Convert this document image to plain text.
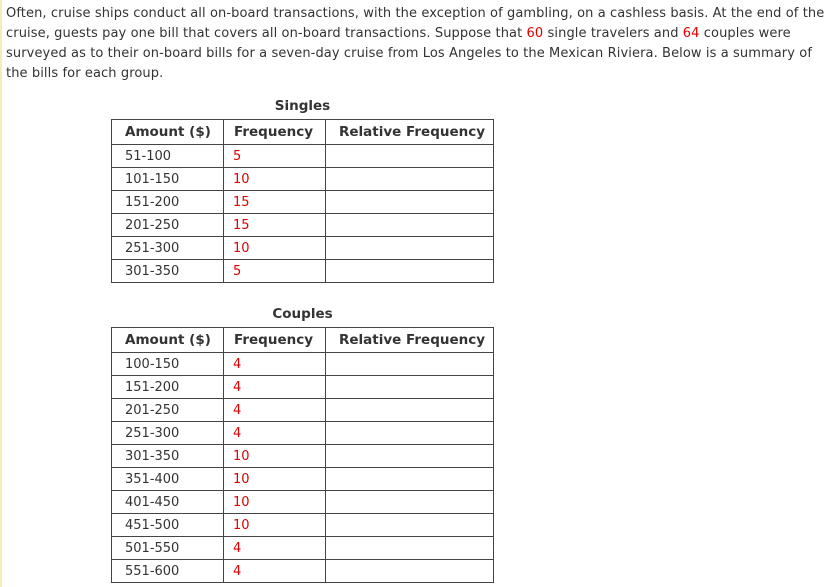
Often, cruise ships conduct all on-board transactions, with the exception of gambling, on a cashless basis. At the end of the cruise, guests pay one bill that covers all on-board transactions. Suppose that 60 single travelers and 64 couples were surveyed as to their on-board bills for a seven-day cruise from Los Angeles to the Mexican Riviera. Below is a summary of the bills for each group.
Singles
Amount ($)	Frequency	Relative Frequency
51-100	5	
101-150	10	
151-200	15	
201-250	15	
251-300	10	
301-350	5	
Couples
Amount ($)	Frequency	Relative Frequency
100-150	4	
151-200	4	
201-250	4	
251-300	4	
301-350	10	
351-400	10	
401-450	10	
451-500	10	
501-550	4	
551-600	4	
